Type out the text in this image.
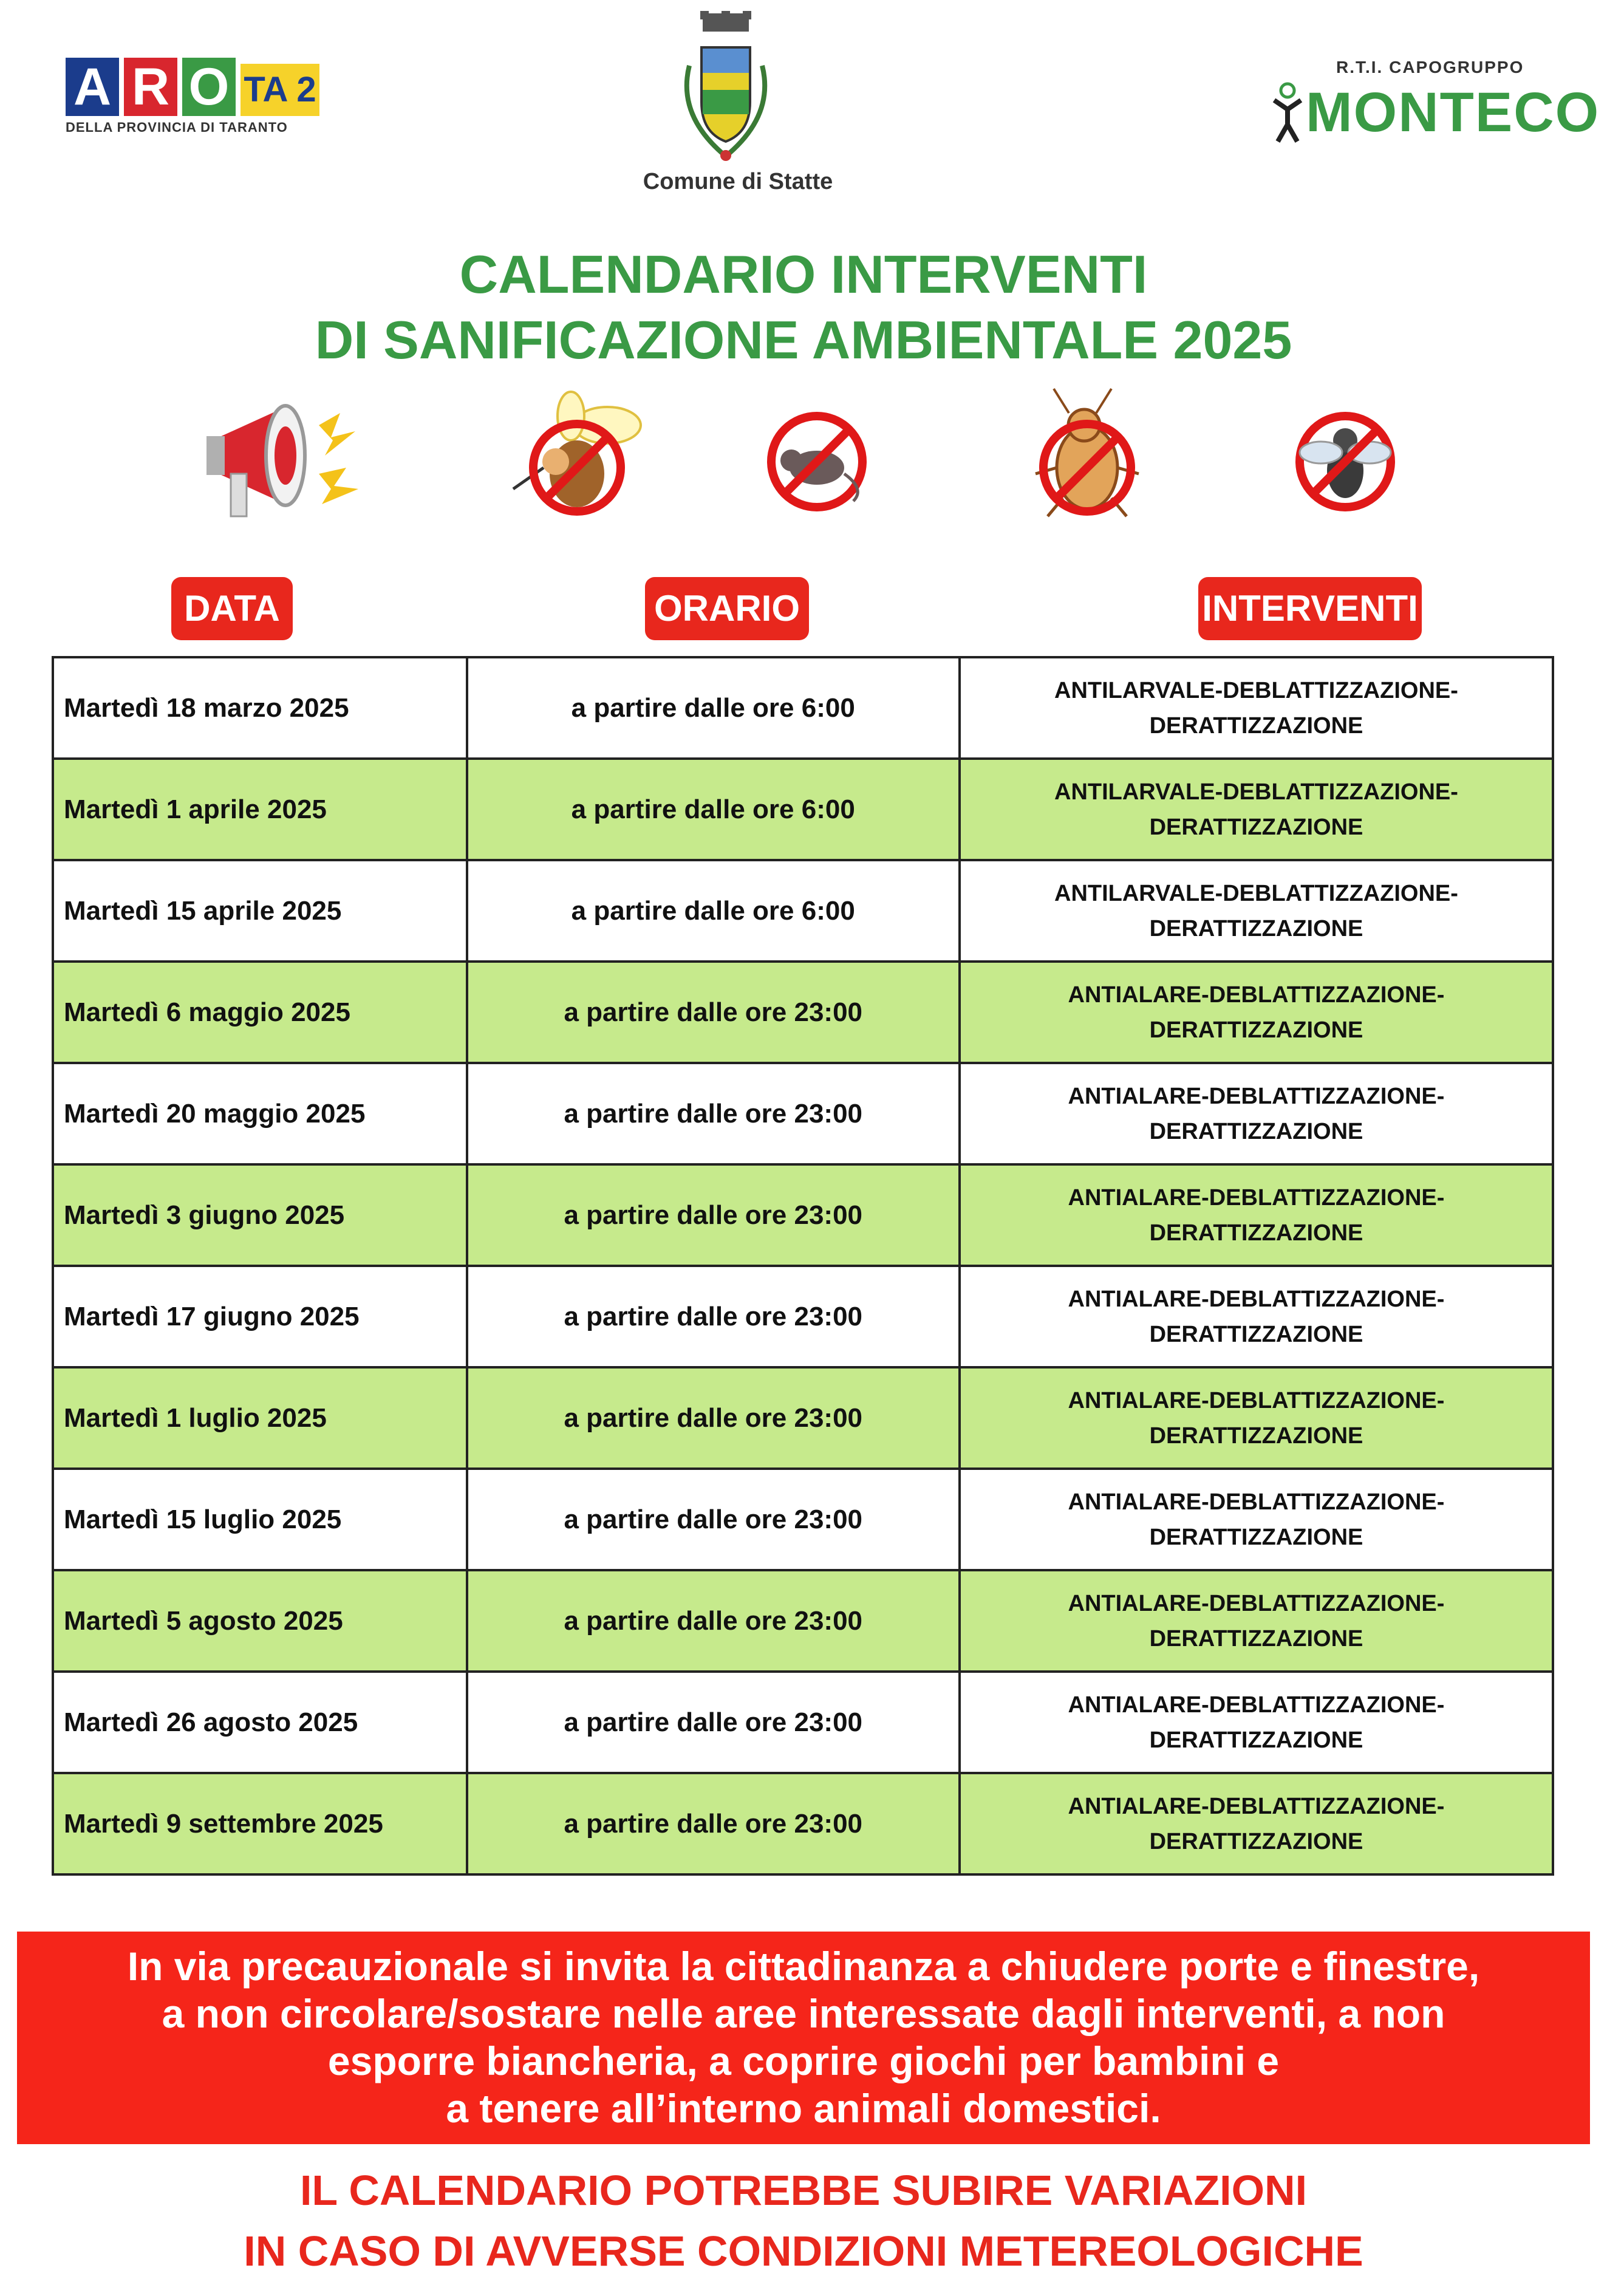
A R O TA 2
DELLA PROVINCIA DI TARANTO
Comune di Statte
R.T.I. CAPOGRUPPO
MONTECO
CALENDARIO INTERVENTI
DI SANIFICAZIONE AMBIENTALE 2025
DATA	ORARIO	INTERVENTI
Martedì 18 marzo 2025	a partire dalle ore 6:00	ANTILARVALE-DEBLATTIZZAZIONE-
DERATTIZZAZIONE

Martedì 1 aprile 2025	a partire dalle ore 6:00	ANTILARVALE-DEBLATTIZZAZIONE-
DERATTIZZAZIONE

Martedì 15 aprile 2025	a partire dalle ore 6:00	ANTILARVALE-DEBLATTIZZAZIONE-
DERATTIZZAZIONE

Martedì 6 maggio 2025	a partire dalle ore 23:00	ANTIALARE-DEBLATTIZZAZIONE-
DERATTIZZAZIONE

Martedì 20 maggio 2025	a partire dalle ore 23:00	ANTIALARE-DEBLATTIZZAZIONE-
DERATTIZZAZIONE

Martedì 3 giugno 2025	a partire dalle ore 23:00	ANTIALARE-DEBLATTIZZAZIONE-
DERATTIZZAZIONE

Martedì 17 giugno 2025	a partire dalle ore 23:00	ANTIALARE-DEBLATTIZZAZIONE-
DERATTIZZAZIONE

Martedì 1 luglio 2025	a partire dalle ore 23:00	ANTIALARE-DEBLATTIZZAZIONE-
DERATTIZZAZIONE

Martedì 15 luglio 2025	a partire dalle ore 23:00	ANTIALARE-DEBLATTIZZAZIONE-
DERATTIZZAZIONE

Martedì 5 agosto 2025	a partire dalle ore 23:00	ANTIALARE-DEBLATTIZZAZIONE-
DERATTIZZAZIONE

Martedì 26 agosto 2025	a partire dalle ore 23:00	ANTIALARE-DEBLATTIZZAZIONE-
DERATTIZZAZIONE

Martedì 9 settembre 2025	a partire dalle ore 23:00	ANTIALARE-DEBLATTIZZAZIONE-
DERATTIZZAZIONE
In via precauzionale si invita la cittadinanza a chiudere porte e finestre,
a non circolare/sostare nelle aree interessate dagli interventi, a non
esporre biancheria, a coprire giochi per bambini e
a tenere all’interno animali domestici.
IL CALENDARIO POTREBBE SUBIRE VARIAZIONI
IN CASO DI AVVERSE CONDIZIONI METEREOLOGICHE
